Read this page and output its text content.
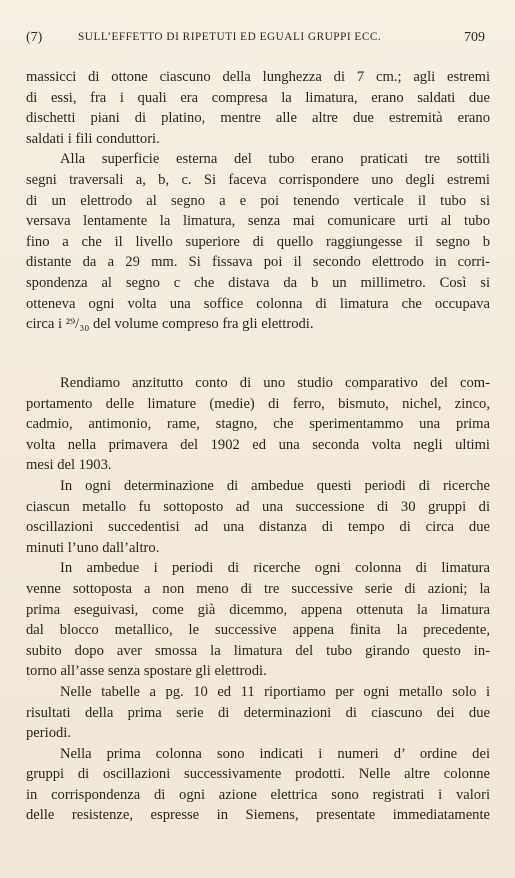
(7)	SULL’EFFETTO DI RIPETUTI ED EGUALI GRUPPI ECC.	709
massicci di ottone ciascuno della lunghezza di 7 cm.; agli estremi
di essi, fra i quali era compresa la limatura, erano saldati due
dischetti piani di platino, mentre alle altre due estremità erano
saldati i fili conduttori.
Alla superficie esterna del tubo erano praticati tre sottili
segni traversali a, b, c. Si faceva corrispondere uno degli estremi
di un elettrodo al segno a e poi tenendo verticale il tubo si
versava lentamente la limatura, senza mai comunicare urti al tubo
fino a che il livello superiore di quello raggiungesse il segno b
distante da a 29 mm. Si fissava poi il secondo elettrodo in corri-
spondenza al segno c che distava da b un millimetro. Così si
otteneva ogni volta una soffice colonna di limatura che occupava
circa i ²⁹/₃₀ del volume compreso fra gli elettrodi.
Rendiamo anzitutto conto di uno studio comparativo del com-
portamento delle limature (medie) di ferro, bismuto, nichel, zinco,
cadmio, antimonio, rame, stagno, che sperimentammo una prima
volta nella primavera del 1902 ed una seconda volta negli ultimi
mesi del 1903.
In ogni determinazione di ambedue questi periodi di ricerche
ciascun metallo fu sottoposto ad una successione di 30 gruppi di
oscillazioni succedentisi ad una distanza di tempo di circa due
minuti l’uno dall’altro.
In ambedue i periodi di ricerche ogni colonna di limatura
venne sottoposta a non meno di tre successive serie di azioni; la
prima eseguivasi, come già dicemmo, appena ottenuta la limatura
dal blocco metallico, le successive appena finita la precedente,
subito dopo aver smossa la limatura del tubo girando questo in-
torno all’asse senza spostare gli elettrodi.
Nelle tabelle a pg. 10 ed 11 riportiamo per ogni metallo solo i
risultati della prima serie di determinazioni di ciascuno dei due
periodi.
Nella prima colonna sono indicati i numeri d’ ordine dei
gruppi di oscillazioni successivamente prodotti. Nelle altre colonne
in corrispondenza di ogni azione elettrica sono registrati i valori
delle resistenze, espresse in Siemens, presentate immediatamente
